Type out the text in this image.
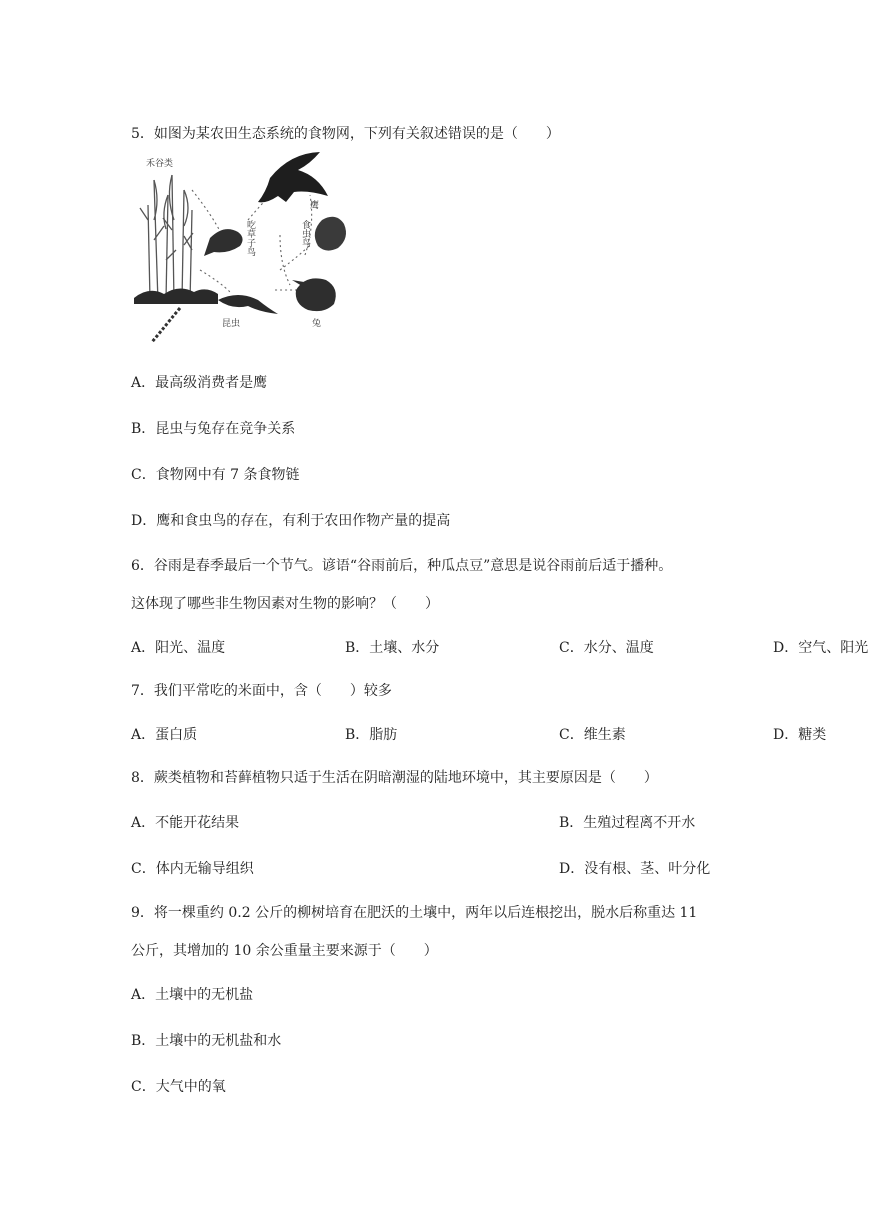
5．如图为某农田生态系统的食物网，下列有关叙述错误的是（　　）
禾谷类
鹰
食虫鸟
吃草子鸟
昆虫	兔
A．最高级消费者是鹰
B．昆虫与兔存在竞争关系
C．食物网中有 7 条食物链
D．鹰和食虫鸟的存在，有利于农田作物产量的提高
6．谷雨是春季最后一个节气。谚语“谷雨前后，种瓜点豆”意思是说谷雨前后适于播种。
这体现了哪些非生物因素对生物的影响？（　　）
A．阳光、温度	B．土壤、水分	C．水分、温度	D．空气、阳光
7．我们平常吃的米面中，含（　　）较多
A．蛋白质	B．脂肪	C．维生素	D．糖类
8．蕨类植物和苔藓植物只适于生活在阴暗潮湿的陆地环境中，其主要原因是（　　）
A．不能开花结果	B．生殖过程离不开水
C．体内无输导组织	D．没有根、茎、叶分化
9．将一棵重约 0.2 公斤的柳树培育在肥沃的土壤中，两年以后连根挖出，脱水后称重达 11
公斤，其增加的 10 余公重量主要来源于（　　）
A．土壤中的无机盐
B．土壤中的无机盐和水
C．大气中的氧
